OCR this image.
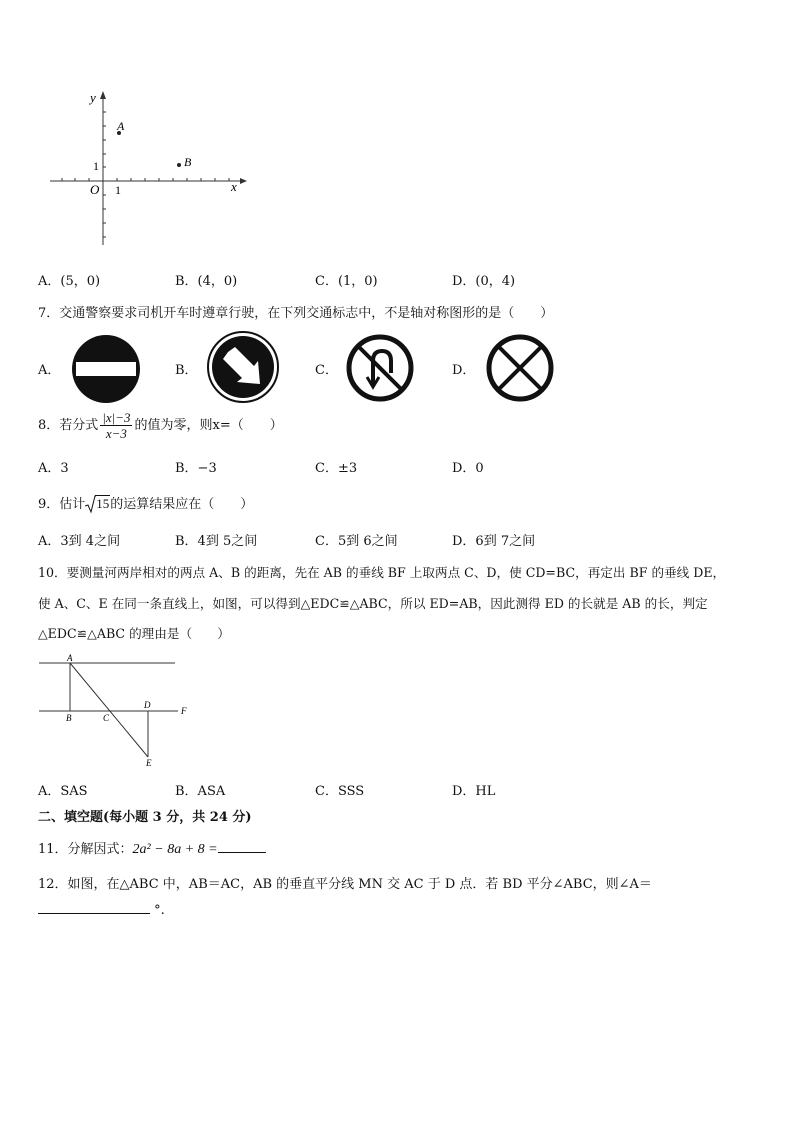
y
x
O 1
1
A
B
A．(5，0)	B．(4，0)	C．(1，0)	D．(0，4)
7．交通警察要求司机开车时遵章行驶，在下列交通标志中，不是轴对称图形的是（　　）
A．	B．	C．	D．
8．若分式 $\frac{|x|-3}{x-3}$ 的值为零，则x=（　　）
A．3	B．−3	C．±3	D．0
9．估计 15的运算结果应在（　　）
A．3到 4之间	B．4到 5之间	C．5到 6之间	D．6到 7之间
10．要测量河两岸相对的两点 A、B 的距离，先在 AB 的垂线 BF 上取两点 C、D，使 CD=BC，再定出 BF 的垂线 DE，
使 A、C、E 在同一条直线上，如图，可以得到△EDC≌△ABC，所以 ED=AB，因此测得 ED 的长就是 AB 的长，判定
△EDC≌△ABC 的理由是（　　）
A
B	C
D
E
F
A．SAS	B．ASA	C．SSS	D．HL
二、填空题(每小题 3 分，共 24 分)
11．分解因式：2a² − 8a + 8 =
12．如图，在△ABC 中，AB＝AC，AB 的垂直平分线 MN 交 AC 于 D 点．若 BD 平分∠ABC，则∠A＝
°.
